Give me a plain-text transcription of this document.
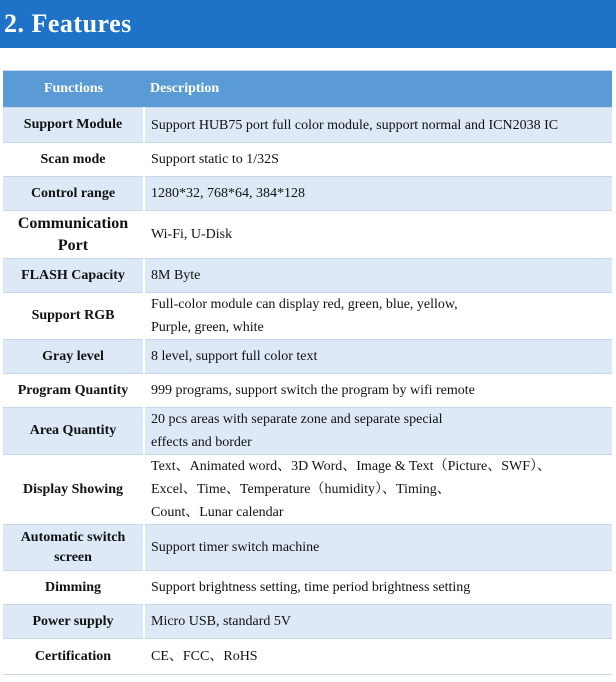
2. Features
Functions	Description
Support Module	Support HUB75 port full color module, support normal and ICN2038 IC

Scan mode	Support static to 1/32S

Control range	1280*32, 768*64, 384*128

Communication Port	Wi-Fi, U-Disk

FLASH Capacity	8M Byte

Support RGB	Full-color module can display red, green, blue, yellow,
Purple, green, white

Gray level	8 level, support full color text

Program Quantity	999 programs, support switch the program by wifi remote

Area Quantity	20 pcs areas with separate zone and separate special
effects and border

Display Showing	Text、Animated word、3D Word、Image & Text（Picture、SWF）、
Excel、Time、Temperature（humidity）、Timing、
Count、Lunar calendar

Automatic switch screen	Support timer switch machine

Dimming	Support brightness setting, time period brightness setting

Power supply	Micro USB, standard 5V

Certification	CE、FCC、RoHS
